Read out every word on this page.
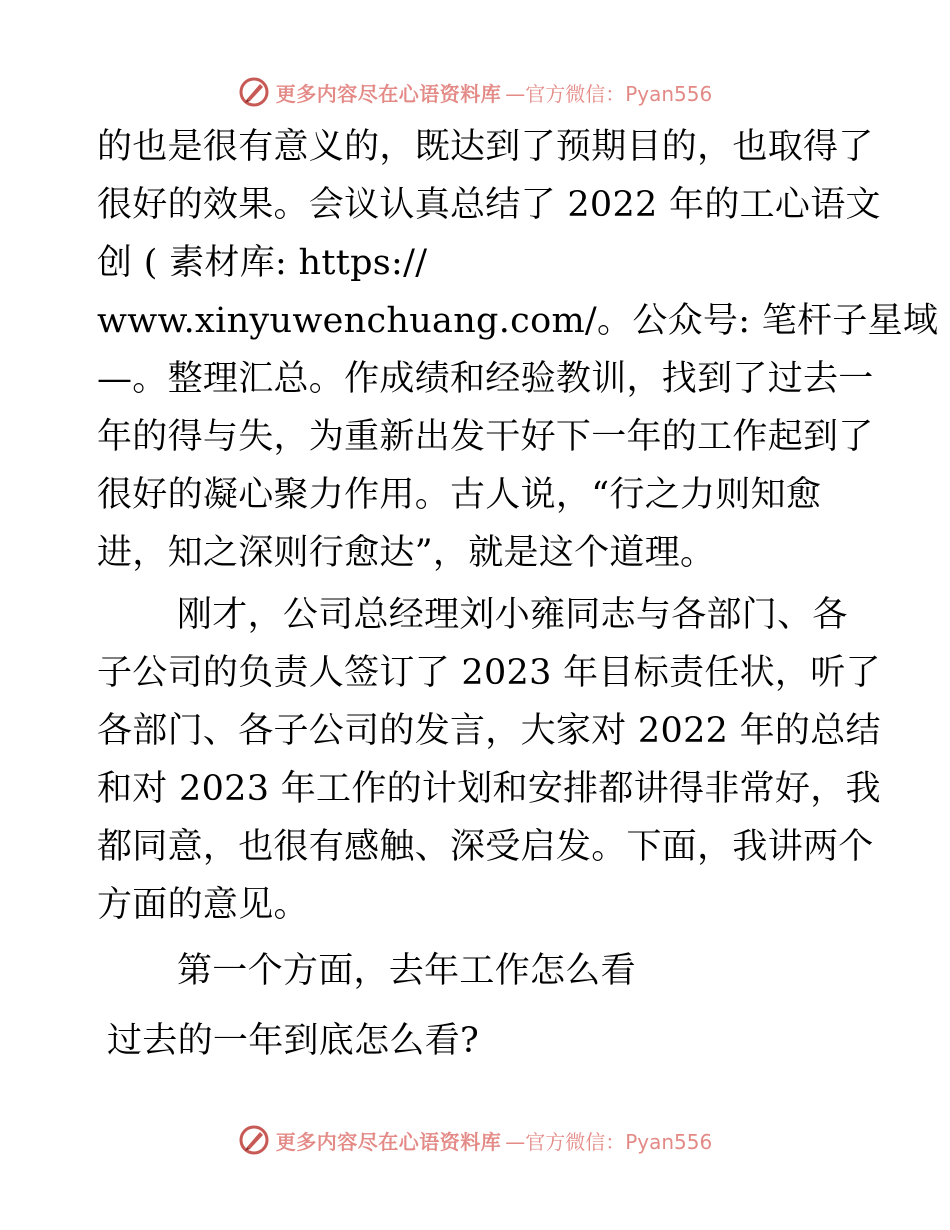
更多内容尽在心语资料库 —官方微信：Pyan556
的也是很有意义的，既达到了预期目的，也取得了
很好的效果。会议认真总结了 2022 年的工心语文
创 ( 素材库: https://
www.xinyuwenchuang.com/。公众号: 笔杆子星域
—。整理汇总。作成绩和经验教训，找到了过去一
年的得与失，为重新出发干好下一年的工作起到了
很好的凝心聚力作用。古人说，“行之力则知愈
进，知之深则行愈达”，就是这个道理。
刚才，公司总经理刘小雍同志与各部门、各
子公司的负责人签订了 2023 年目标责任状，听了
各部门、各子公司的发言，大家对 2022 年的总结
和对 2023 年工作的计划和安排都讲得非常好，我
都同意，也很有感触、深受启发。下面，我讲两个
方面的意见。
第一个方面，去年工作怎么看
过去的一年到底怎么看?
更多内容尽在心语资料库 —官方微信：Pyan556
